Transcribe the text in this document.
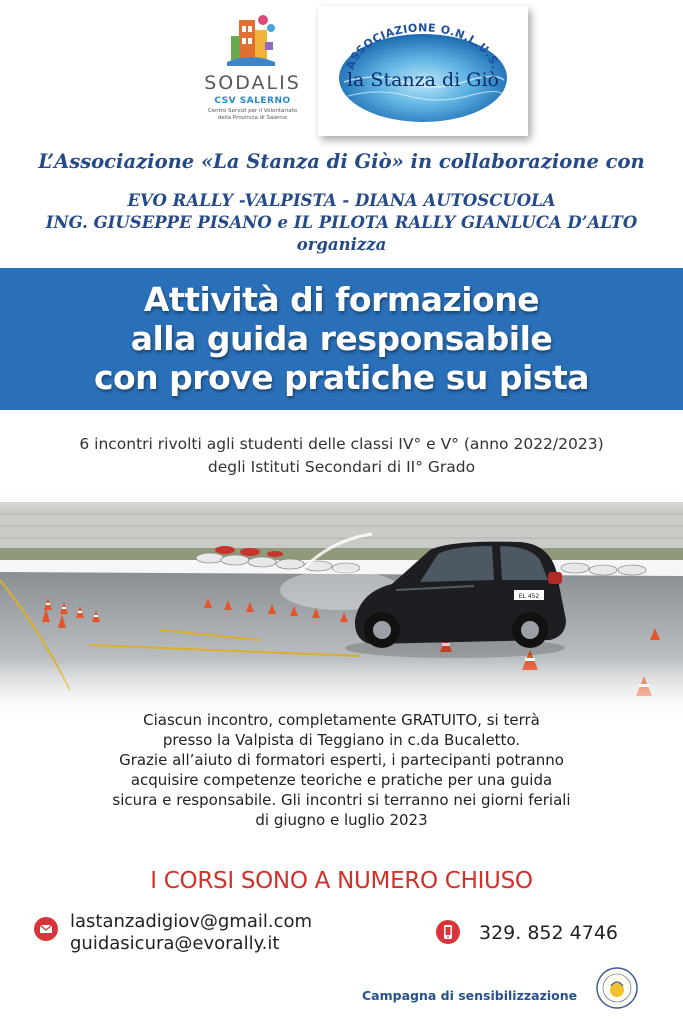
SODALIS
CSV SALERNO
Centro Servizi per il Volontariato
della Provincia di Salerno
ASSOCIAZIONE O.N.L.U.S.
la Stanza di Giò
L’Associazione «La Stanza di Giò» in collaborazione con
EVO RALLY -VALPISTA - DIANA AUTOSCUOLA
ING. GIUSEPPE PISANO e IL PILOTA RALLY GIANLUCA D’ALTO
organizza
Attività di formazione
alla guida responsabile
con prove pratiche su pista
6 incontri rivolti agli studenti delle classi IV° e V° (anno 2022/2023)
degli Istituti Secondari di II° Grado
EL 452
Ciascun incontro, completamente GRATUITO, si terrà
presso la Valpista di Teggiano in c.da Bucaletto.
Grazie all’aiuto di formatori esperti, i partecipanti potranno
acquisire competenze teoriche e pratiche per una guida
sicura e responsabile. Gli incontri si terranno nei giorni feriali
di giugno e luglio 2023
I CORSI SONO A NUMERO CHIUSO
lastanzadigiov@gmail.com
guidasicura@evorally.it	329. 852 4746
Campagna di sensibilizzazione
